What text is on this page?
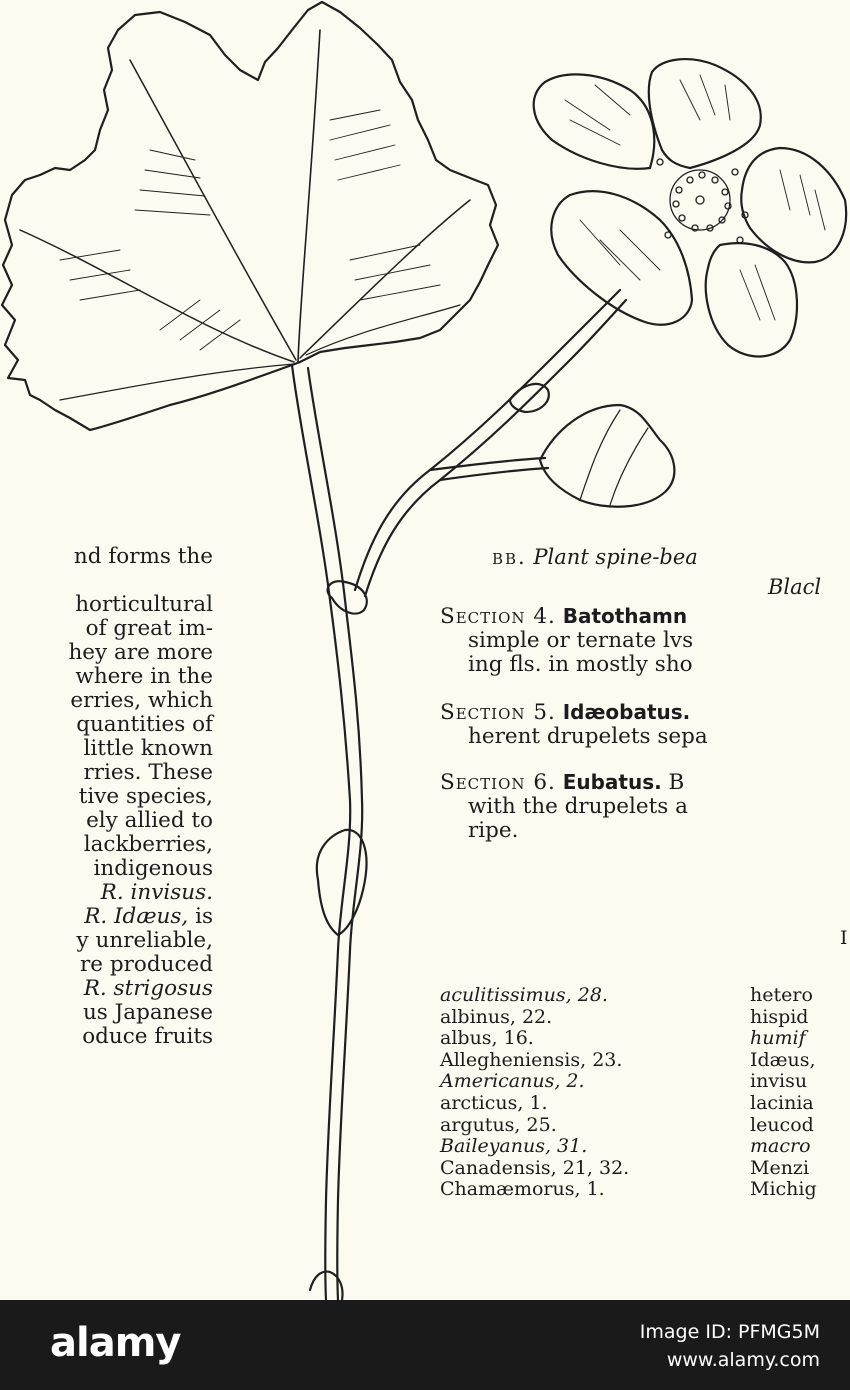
nd forms the
horticultural
of great im-
hey are more
where in the
erries, which
quantities of
little known
rries. These
tive species,
ely allied to
lackberries,
indigenous
R. invisus.
R. Idæus, is
y unreliable,
re produced
R. strigosus
us Japanese
oduce fruits
bb. Plant spine-bea
Blacl
Section 4. Batothamn
simple or ternate lvs
ing fls. in mostly sho
Section 5. Idæobatus.
herent drupelets sepa
Section 6. Eubatus. B
with the drupelets a
ripe.
I
aculitissimus, 28.
albinus, 22.
albus, 16.
Allegheniensis, 23.
Americanus, 2.
arcticus, 1.
argutus, 25.
Baileyanus, 31.
Canadensis, 21, 32.
Chamæmorus, 1.
hetero
hispid
humif
Idæus,
invisu
lacinia
leucod
macro
Menzi
Michig
alamy	Image ID: PFMG5M
www.alamy.com
